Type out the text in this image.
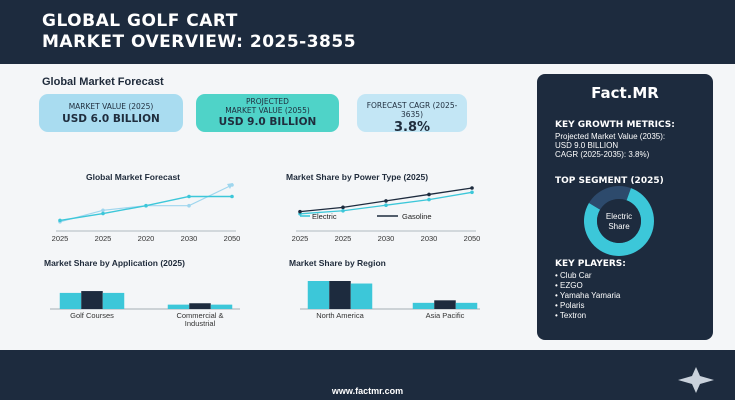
GLOBAL GOLF CART
MARKET OVERVIEW: 2025-3855
Global Market Forecast
MARKET VALUE (2025)
USD 6.0 BILLION
PROJECTED
MARKET VALUE (2055)
USD 9.0 BILLION
FORECAST CAGR (2025-3635)
3.8%
Global Market Forecast	Market Share by Power Type (2025)
Market Share by Application (2025)	Market Share by Region
2025	2025	2020	2030	2050
Electric	Gasoline
2025	2025	2030	2030	2050
Golf Courses	Commercial &
Industrial
North America	Asia Pacific
Fact.MR
KEY GROWTH METRICS:
Projected Market Value (2035):
USD 9.0 BILLION
CAGR (2025-2035): 3.8%)
TOP SEGMENT (2025)
Electric
Share
KEY PLAYERS:
• Club Car
• EZGO
• Yamaha Yamaria
• Polaris
• Textron
www.factmr.com
